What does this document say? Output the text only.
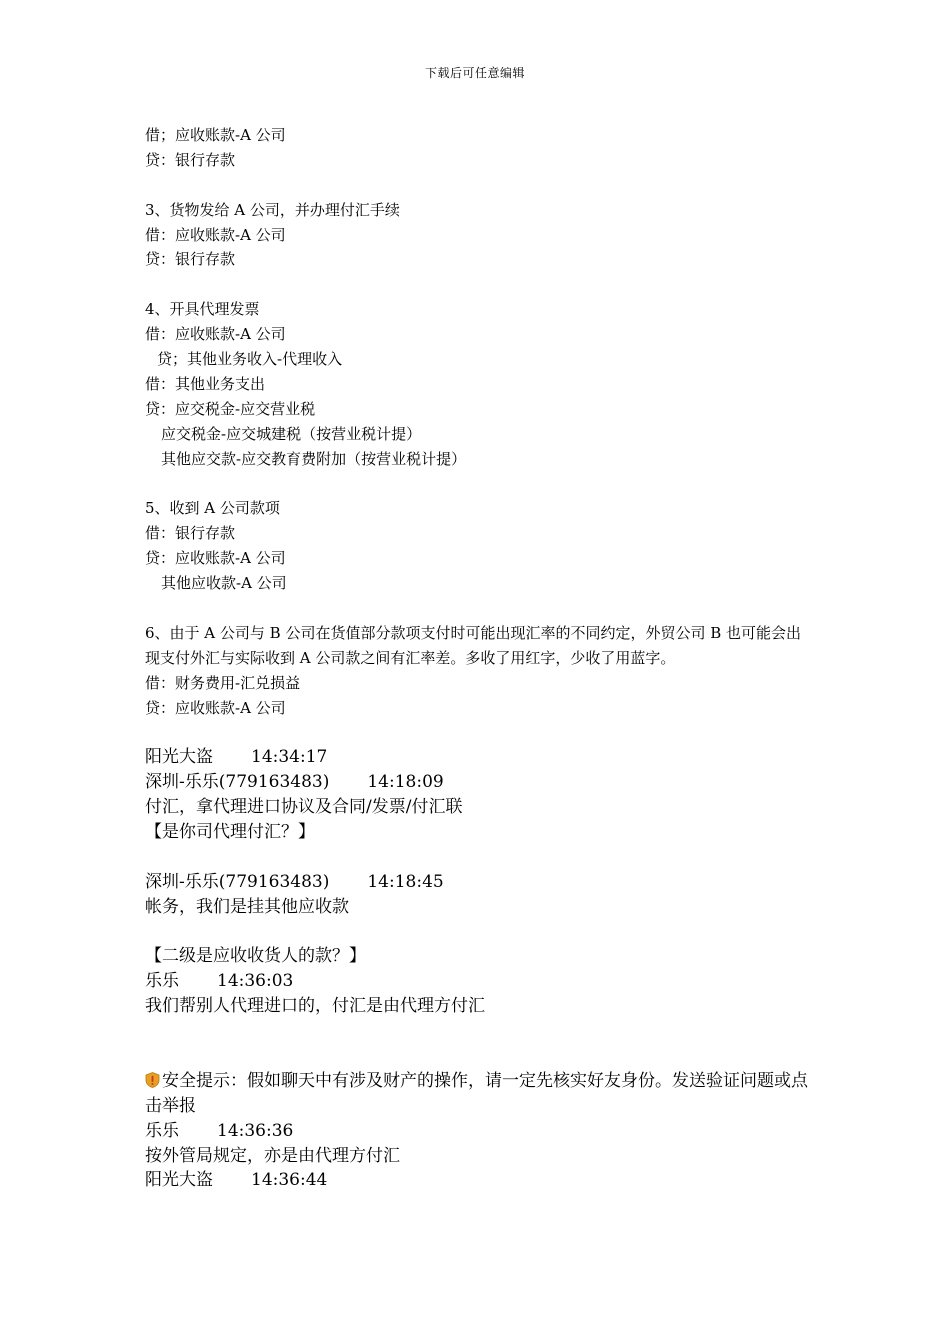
下载后可任意编辑
借；应收账款-A 公司
贷：银行存款
3、货物发给 A 公司，并办理付汇手续
借：应收账款-A 公司
贷：银行存款
4、开具代理发票
借：应收账款-A 公司
贷；其他业务收入-代理收入
借：其他业务支出
贷：应交税金-应交营业税
应交税金-应交城建税（按营业税计提）
其他应交款-应交教育费附加（按营业税计提）
5、收到 A 公司款项
借：银行存款
贷：应收账款-A 公司
其他应收款-A 公司
6、由于 A 公司与 B 公司在货值部分款项支付时可能出现汇率的不同约定，外贸公司 B 也可能会出现支付外汇与实际收到 A 公司款之间有汇率差。多收了用红字，少收了用蓝字。
借：财务费用-汇兑损益
贷：应收账款-A 公司
阳光大盗 14:34:17
深圳-乐乐(779163483) 14:18:09
付汇，拿代理进口协议及合同/发票/付汇联
【是你司代理付汇？】
深圳-乐乐(779163483) 14:18:45
帐务，我们是挂其他应收款
【二级是应收收货人的款？】
乐乐 14:36:03
我们帮别人代理进口的，付汇是由代理方付汇
安全提示：假如聊天中有涉及财产的操作，请一定先核实好友身份。发送验证问题或点击举报
乐乐 14:36:36
按外管局规定，亦是由代理方付汇
阳光大盗 14:36:44
